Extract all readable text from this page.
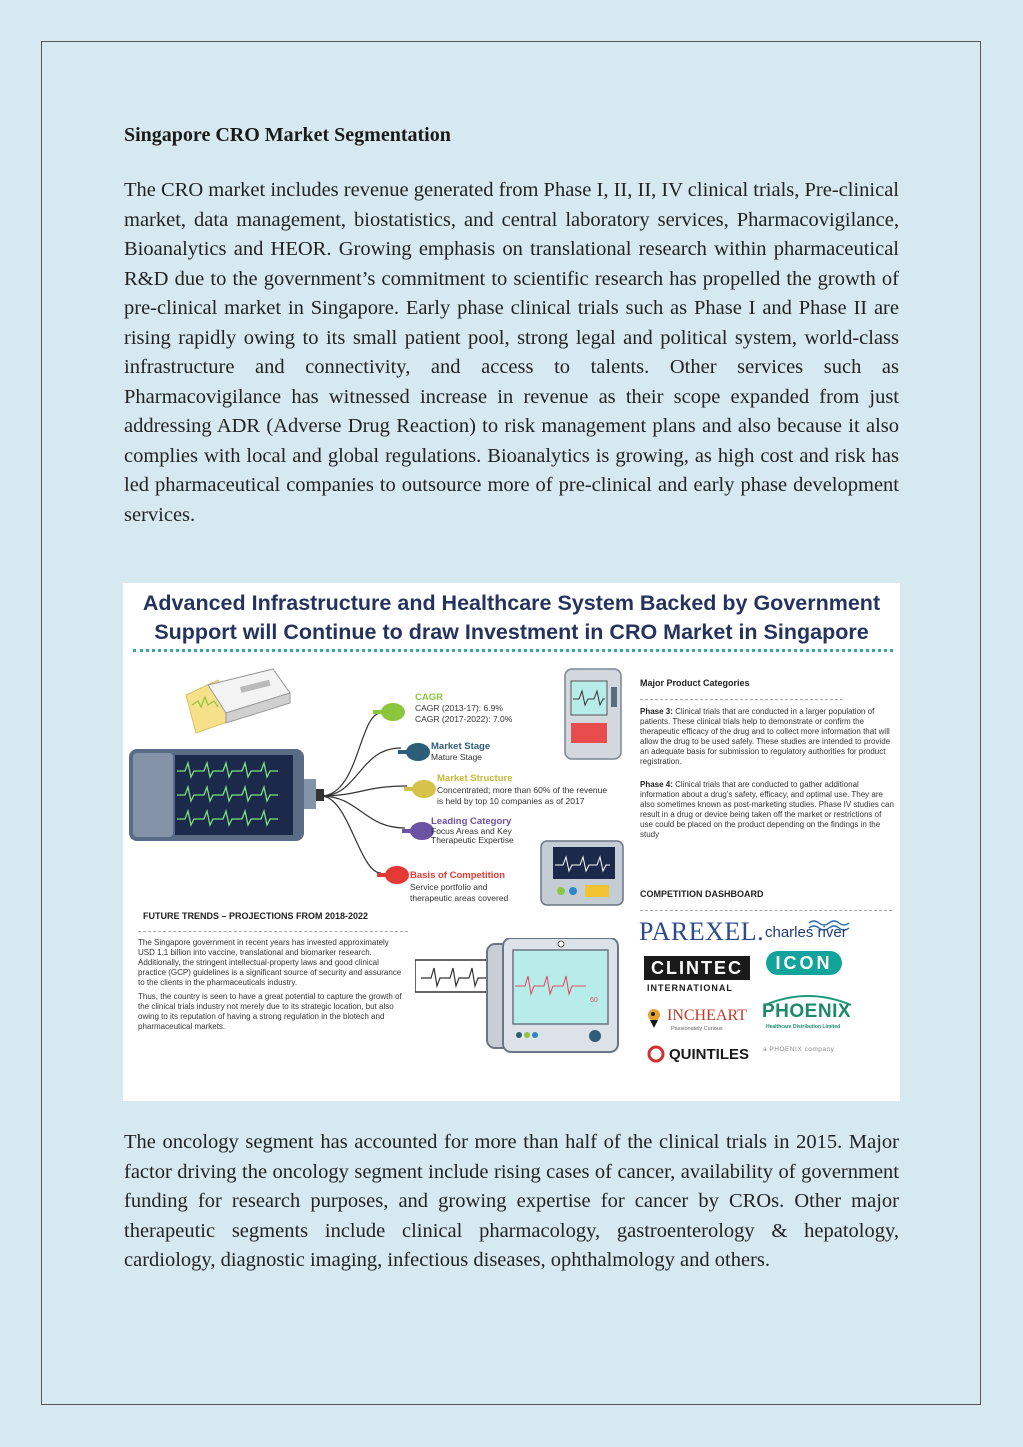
Singapore CRO Market Segmentation
The CRO market includes revenue generated from Phase I, II, II, IV clinical trials, Pre-clinical market, data management, biostatistics, and central laboratory services, Pharmacovigilance, Bioanalytics and HEOR. Growing emphasis on translational research within pharmaceutical R&D due to the government’s commitment to scientific research has propelled the growth of pre-clinical market in Singapore. Early phase clinical trials such as Phase I and Phase II are rising rapidly owing to its small patient pool, strong legal and political system, world-class infrastructure and connectivity, and access to talents. Other services such as Pharmacovigilance has witnessed increase in revenue as their scope expanded from just addressing ADR (Adverse Drug Reaction) to risk management plans and also because it also complies with local and global regulations. Bioanalytics is growing, as high cost and risk has led pharmaceutical companies to outsource more of pre-clinical and early phase development services.
Advanced Infrastructure and Healthcare System Backed by Government
Support will Continue to draw Investment in CRO Market in Singapore
CAGR
CAGR (2013-17): 6.9%
CAGR (2017-2022): 7.0%
Market Stage
Mature Stage
Market Structure
Concentrated; more than 60% of the revenue
is held by top 10 companies as of 2017
Leading Category
Focus Areas and Key
Therapeutic Expertise
Basis of Competition
Service portfolio and
therapeutic areas covered
FUTURE TRENDS – PROJECTIONS FROM 2018-2022
The Singapore government in recent years has invested approximately USD 1.1 billion into vaccine, translational and biomarker research. Additionally, the stringent intellectual-property laws and good clinical practice (GCP) guidelines is a significant source of security and assurance to the clients in the pharmaceuticals industry.
Thus, the country is seen to have a great potential to capture the growth of the clinical trials industry not merely due to its strategic location, but also owing to its reputation of having a strong regulation in the biotech and pharmaceutical markets.
60
Major Product Categories
Phase 3: Clinical trials that are conducted in a larger population of patients. These clinical trials help to demonstrate or confirm the therapeutic efficacy of the drug and to collect more information that will allow the drug to be used safely. These studies are intended to provide an adequate basis for submission to regulatory authorities for product registration.
Phase 4: Clinical trials that are conducted to gather additional information about a drug’s safety, efficacy, and optimal use. They are also sometimes known as post-marketing studies. Phase IV studies can result in a drug or device being taken off the market or restrictions of use could be placed on the product depending on the findings in the study
COMPETITION DASHBOARD
PAREXEL. charles river
CLINTEC
INTERNATIONAL
ICON
INCHEART
Passionately Curious
PHOENIX
Healthcare Distribution Limited
a PHOENIX company
QUINTILES
The oncology segment has accounted for more than half of the clinical trials in 2015. Major factor driving the oncology segment include rising cases of cancer, availability of government funding for research purposes, and growing expertise for cancer by CROs. Other major therapeutic segments include clinical pharmacology, gastroenterology & hepatology, cardiology, diagnostic imaging, infectious diseases, ophthalmology and others.
